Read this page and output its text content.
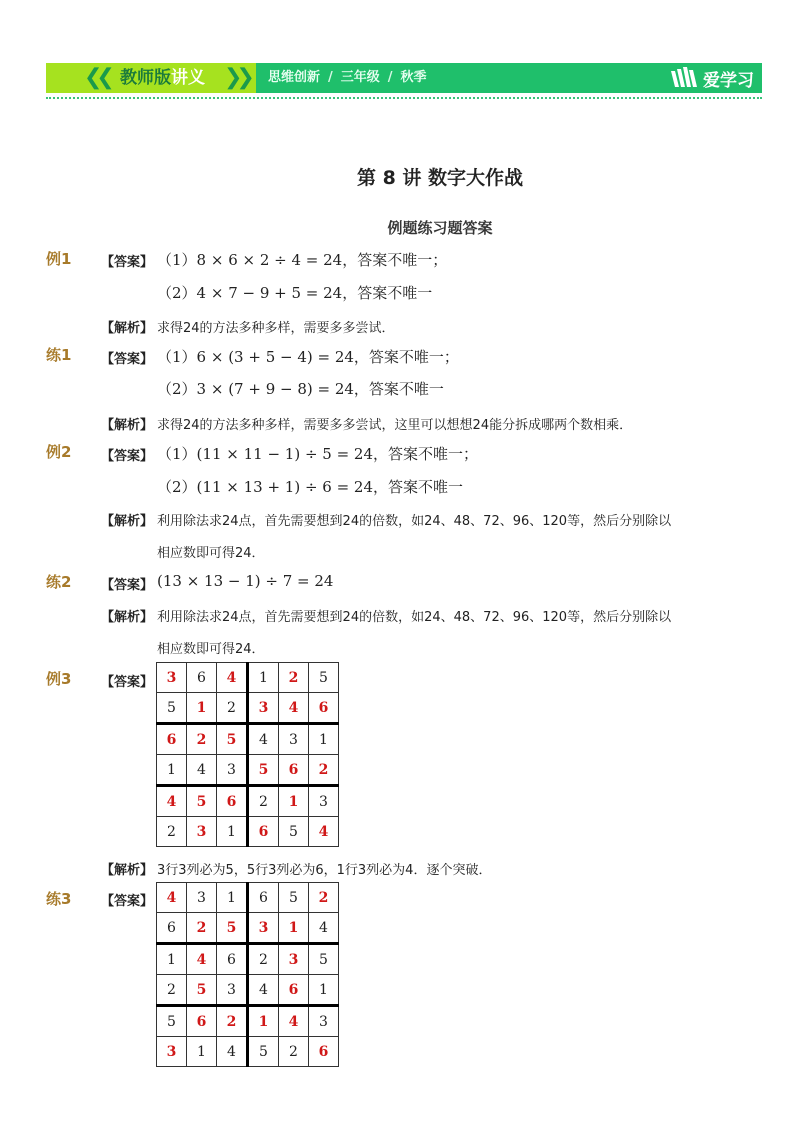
❮❮ 教师版讲义 ❯❯ 思维创新 / 三年级 / 秋季	爱学习
第 8 讲 数字大作战
例题练习题答案
例1 【答案】 （1）8 × 6 × 2 ÷ 4 = 24，答案不唯一；
（2）4 × 7 − 9 + 5 = 24，答案不唯一
【解析】 求得24的方法多种多样，需要多多尝试．
练1 【答案】 （1）6 × (3 + 5 − 4) = 24，答案不唯一；
（2）3 × (7 + 9 − 8) = 24，答案不唯一
【解析】 求得24的方法多种多样，需要多多尝试，这里可以想想24能分拆成哪两个数相乘．
例2 【答案】 （1）(11 × 11 − 1) ÷ 5 = 24，答案不唯一；
（2）(11 × 13 + 1) ÷ 6 = 24，答案不唯一
【解析】 利用除法求24点，首先需要想到24的倍数，如24、48、72、96、120等，然后分别除以
相应数即可得24．
练2 【答案】 (13 × 13 − 1) ÷ 7 = 24
【解析】 利用除法求24点，首先需要想到24的倍数，如24、48、72、96、120等，然后分别除以
相应数即可得24．
例3 【答案】 3	6	4	1	2	5
5	1	2	3	4	6
6	2	5	4	3	1
1	4	3	5	6	2
4	5	6	2	1	3
2	3	1	6	5	4
【解析】 3行3列必为5，5行3列必为6，1行3列必为4．逐个突破．
练3 【答案】 4	3	1	6	5	2
6	2	5	3	1	4
1	4	6	2	3	5
2	5	3	4	6	1
5	6	2	1	4	3
3	1	4	5	2	6
